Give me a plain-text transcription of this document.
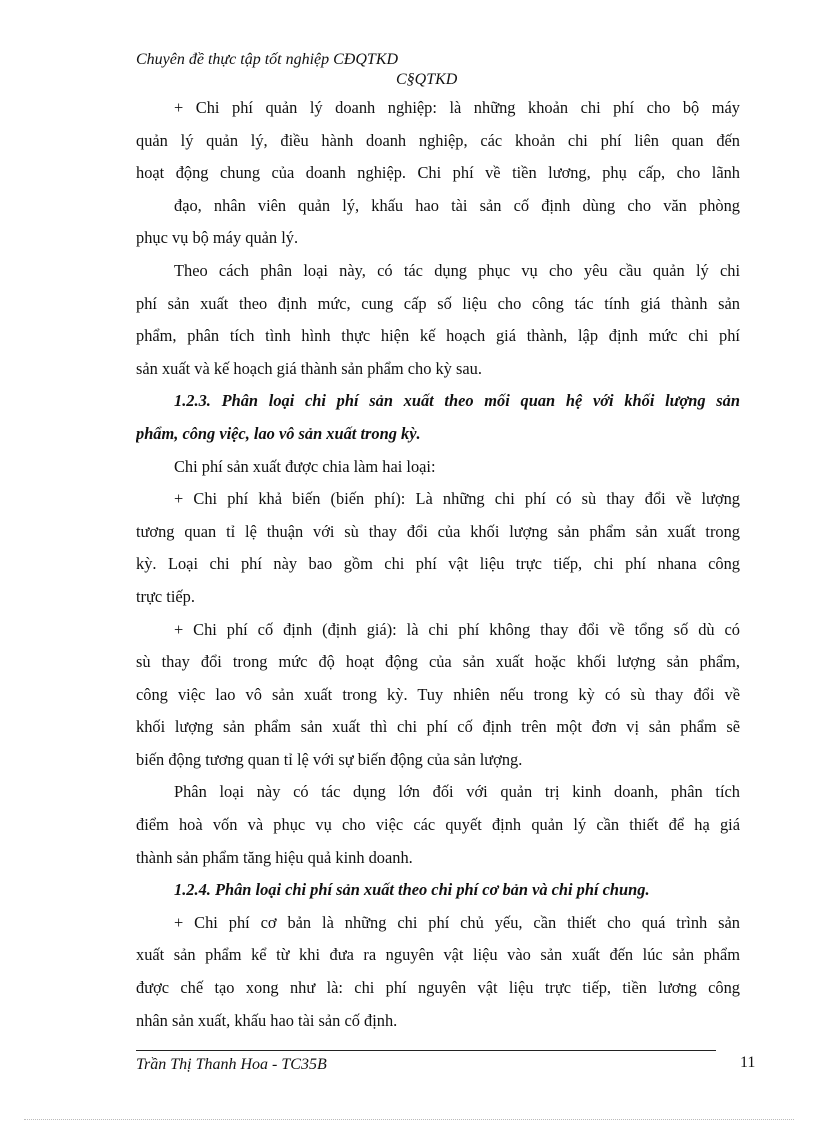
Chuyên đề thực tập tốt nghiệp CĐQTKD
C§QTKD
+ Chi phí quản lý doanh nghiệp: là những khoản chi phí cho bộ máy
quản lý quản lý, điều hành doanh nghiệp, các khoản chi phí liên quan đến
hoạt động chung của doanh nghiệp. Chi phí về tiền lương, phụ cấp, cho lãnh
đạo, nhân viên quản lý, khấu hao tài sản cố định dùng cho văn phòng
phục vụ bộ máy quản lý.
Theo cách phân loại này, có tác dụng phục vụ cho yêu cầu quản lý chi
phí sản xuất theo định mức, cung cấp số liệu cho công tác tính giá thành sản
phẩm, phân tích tình hình thực hiện kế hoạch giá thành, lập định mức chi phí
sản xuất và kế hoạch giá thành sản phẩm cho kỳ sau.
1.2.3. Phân loại chi phí sản xuất theo mối quan hệ với khối lượng sản
phẩm, công việc, lao vô sản xuất trong kỳ.
Chi phí sản xuất được chia làm hai loại:
+ Chi phí khả biến (biến phí): Là những chi phí có sù thay đổi về lượng
tương quan tỉ lệ thuận với sù thay đổi của khối lượng sản phẩm sản xuất trong
kỳ. Loại chi phí này bao gồm chi phí vật liệu trực tiếp, chi phí nhana công
trực tiếp.
+ Chi phí cố định (định giá): là chi phí không thay đổi về tổng số dù có
sù thay đổi trong mức độ hoạt động của sản xuất hoặc khối lượng sản phẩm,
công việc lao vô sản xuất trong kỳ. Tuy nhiên nếu trong kỳ có sù thay đổi về
khối lượng sản phẩm sản xuất thì chi phí cố định trên một đơn vị sản phẩm sẽ
biến động tương quan tỉ lệ với sự biến động của sản lượng.
Phân loại này có tác dụng lớn đối với quản trị kinh doanh, phân tích
điểm hoà vốn và phục vụ cho việc các quyết định quản lý cần thiết để hạ giá
thành sản phẩm tăng hiệu quả kinh doanh.
1.2.4. Phân loại chi phí sản xuất theo chi phí cơ bản và chi phí chung.
+ Chi phí cơ bản là những chi phí chủ yếu, cần thiết cho quá trình sản
xuất sản phẩm kể từ khi đưa ra nguyên vật liệu vào sản xuất đến lúc sản phẩm
được chế tạo xong như là: chi phí nguyên vật liệu trực tiếp, tiền lương công
nhân sản xuất, khấu hao tài sản cố định.
Trần Thị Thanh Hoa - TC35B	11
